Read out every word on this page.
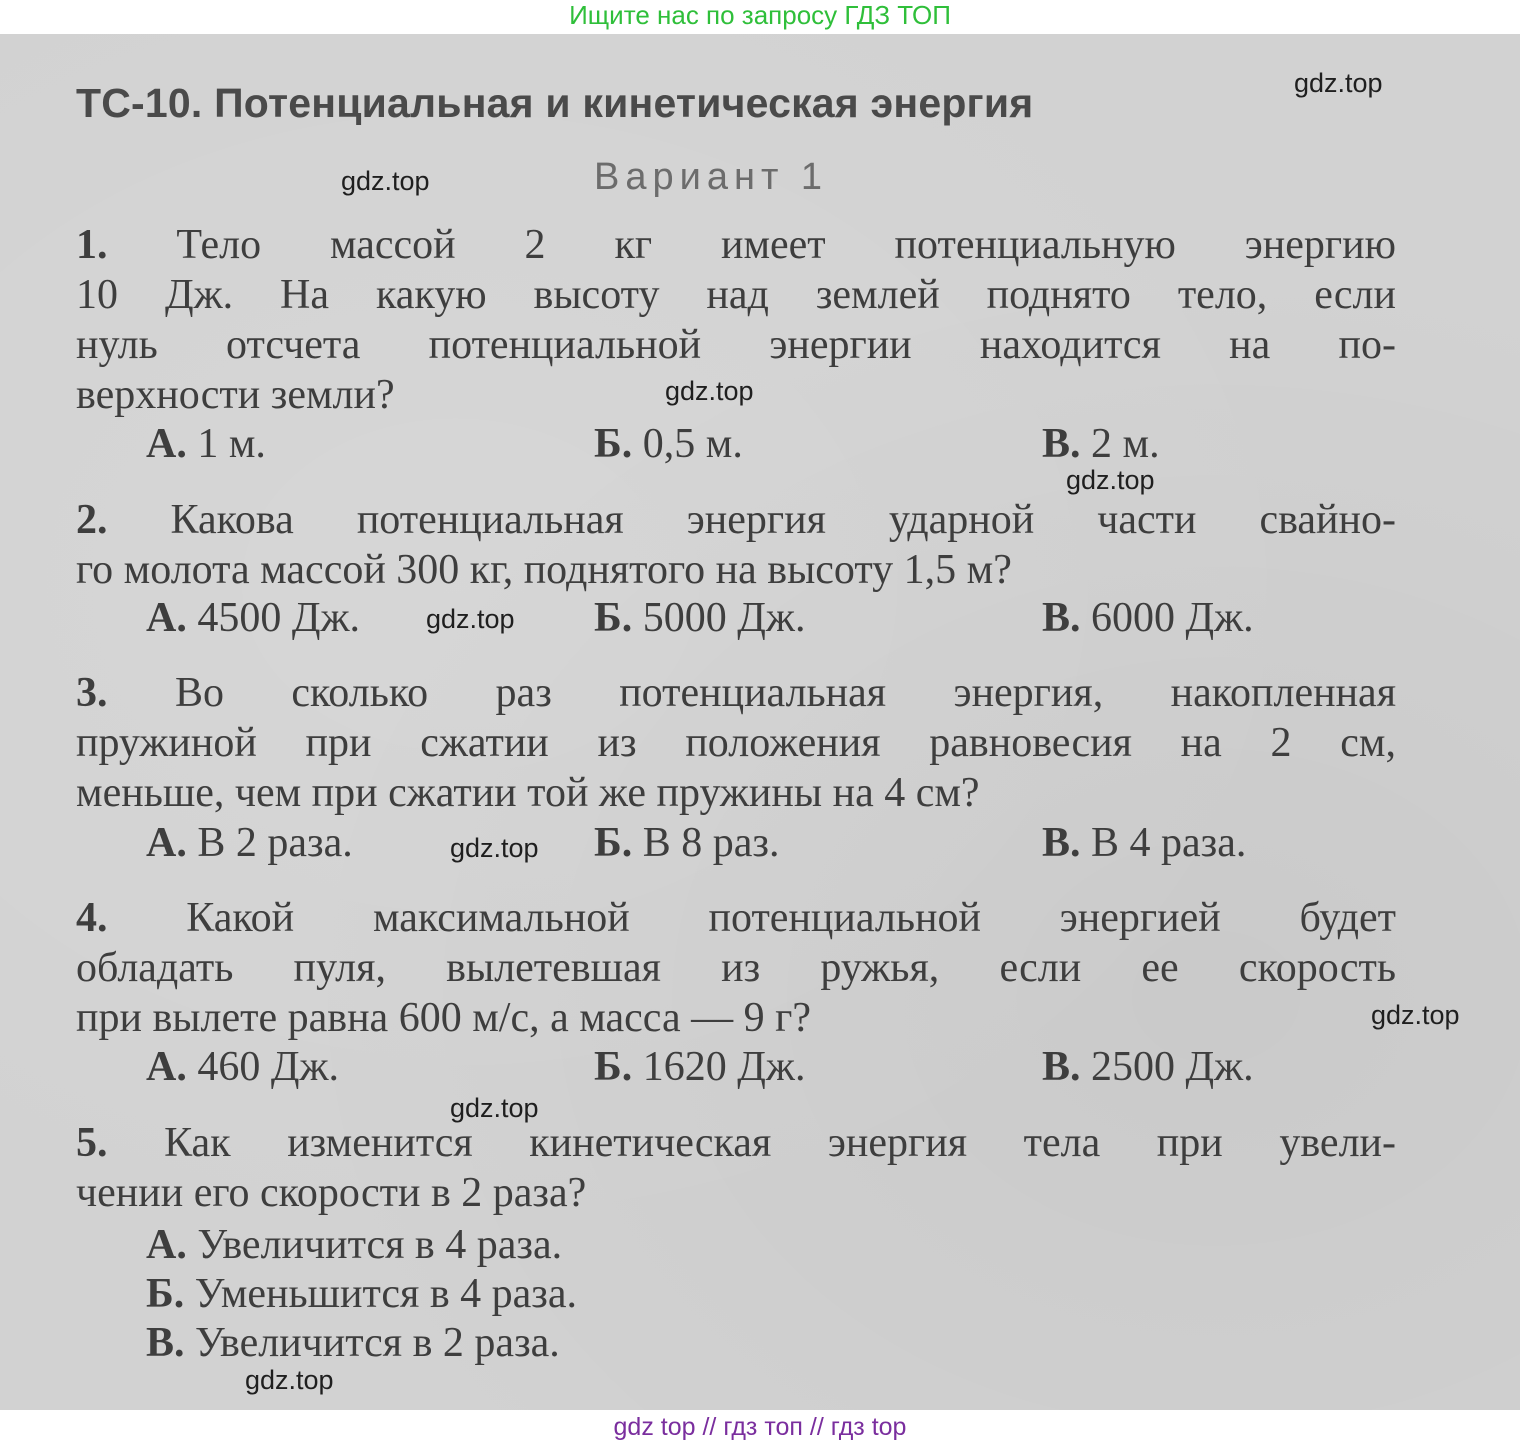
Ищите нас по запросу ГДЗ ТОП
ТС-10. Потенциальная и кинетическая энергия
Вариант 1
1. Тело массой 2 кг имеет потенциальную энергию
10 Дж. На какую высоту над землей поднято тело, если
нуль отсчета потенциальной энергии находится на по-
верхности земли?
А. 1 м.	Б. 0,5 м.	В. 2 м.
2. Какова потенциальная энергия ударной части свайно-
го молота массой 300 кг, поднятого на высоту 1,5 м?
А. 4500 Дж.	Б. 5000 Дж.	В. 6000 Дж.
3. Во сколько раз потенциальная энергия, накопленная
пружиной при сжатии из положения равновесия на 2 см,
меньше, чем при сжатии той же пружины на 4 см?
А. В 2 раза.	Б. В 8 раз.	В. В 4 раза.
4. Какой максимальной потенциальной энергией будет
обладать пуля, вылетевшая из ружья, если ее скорость
при вылете равна 600 м/с, а масса — 9 г?
А. 460 Дж.	Б. 1620 Дж.	В. 2500 Дж.
5. Как изменится кинетическая энергия тела при увели-
чении его скорости в 2 раза?
А. Увеличится в 4 раза.
Б. Уменьшится в 4 раза.
В. Увеличится в 2 раза.
gdz.top
gdz.top
gdz.top
gdz.top
gdz.top
gdz.top
gdz.top
gdz.top
gdz.top
gdz top // гдз топ // гдз top
